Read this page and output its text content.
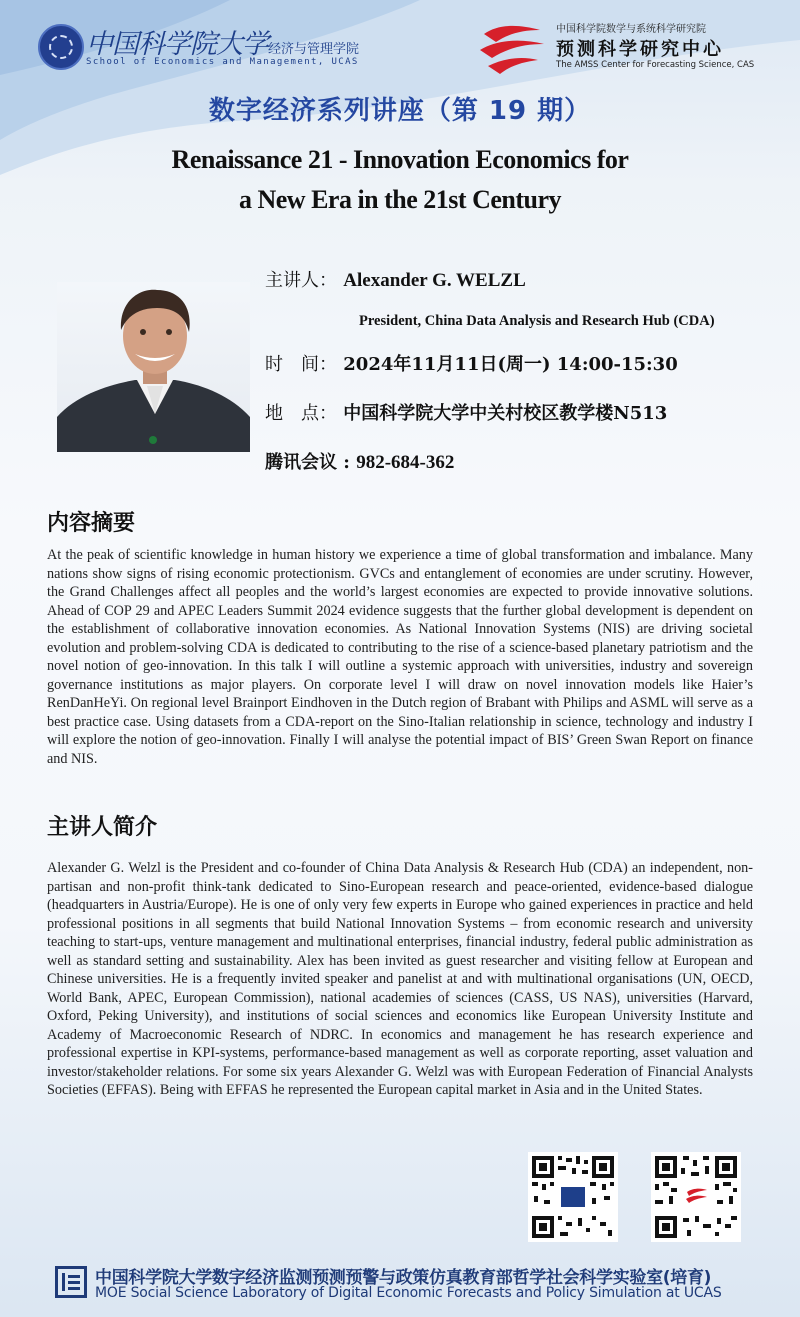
中国科学院大学 经济与管理学院
School of Economics and Management, UCAS
中国科学院数学与系统科学研究院
预测科学研究中心
The AMSS Center for Forecasting Science, CAS
数字经济系列讲座（第 19 期）
Renaissance 21 - Innovation Economics for
a New Era in the 21st Century
主讲人： Alexander G. WELZL
President, China Data Analysis and Research Hub (CDA)
时　间： 2024年11月11日(周一) 14:00-15:30
地　点： 中国科学院大学中关村校区教学楼N513
腾讯会议 : 982-684-362
内容摘要
At the peak of scientific knowledge in human history we experience a time of global transformation and imbalance. Many nations show signs of rising economic protectionism. GVCs and entanglement of economies are under scrutiny. However, the Grand Challenges affect all peoples and the world’s largest economies are expected to provide innovative solutions. Ahead of COP 29 and APEC Leaders Summit 2024 evidence suggests that the further global development is dependent on the establishment of collaborative innovation economies. As National Innovation Systems (NIS) are driving societal evolution and problem-solving CDA is dedicated to contributing to the rise of a science-based planetary patriotism and the novel notion of geo-innovation. In this talk I will outline a systemic approach with universities, industry and sovereign governance institutions as major players. On corporate level I will draw on novel innovation models like Haier’s RenDanHeYi. On regional level Brainport Eindhoven in the Dutch region of Brabant with Philips and ASML will serve as a best practice case. Using datasets from a CDA-report on the Sino-Italian relationship in science, technology and industry I will explore the notion of geo-innovation. Finally I will analyse the potential impact of BIS’ Green Swan Report on finance and NIS.
主讲人简介
Alexander G. Welzl is the President and co-founder of China Data Analysis & Research Hub (CDA) an independent, non-partisan and non-profit think-tank dedicated to Sino-European research and peace-oriented, evidence-based dialogue (headquarters in Austria/Europe). He is one of only very few experts in Europe who gained experiences in practice and held professional positions in all segments that build National Innovation Systems – from economic research and university teaching to start-ups, venture management and multinational enterprises, financial industry, federal public administration as well as standard setting and sustainability. Alex has been invited as guest researcher and visiting fellow at European and Chinese universities. He is a frequently invited speaker and panelist at and with multinational organisations (UN, OECD, World Bank, APEC, European Commission), national academies of sciences (CASS, US NAS), universities (Harvard, Oxford, Peking University), and institutions of social sciences and economics like European University Institute and Academy of Macroeconomic Research of NDRC. In economics and management he has research experience and professional expertise in KPI-systems, performance-based management as well as corporate reporting, asset valuation and investor/stakeholder relations. For some six years Alexander G. Welzl was with European Federation of Financial Analysts Societies (EFFAS). Being with EFFAS he represented the European capital market in Asia and in the United States.
中国科学院大学数字经济监测预测预警与政策仿真教育部哲学社会科学实验室(培育)
MOE Social Science Laboratory of Digital Economic Forecasts and Policy Simulation at UCAS
